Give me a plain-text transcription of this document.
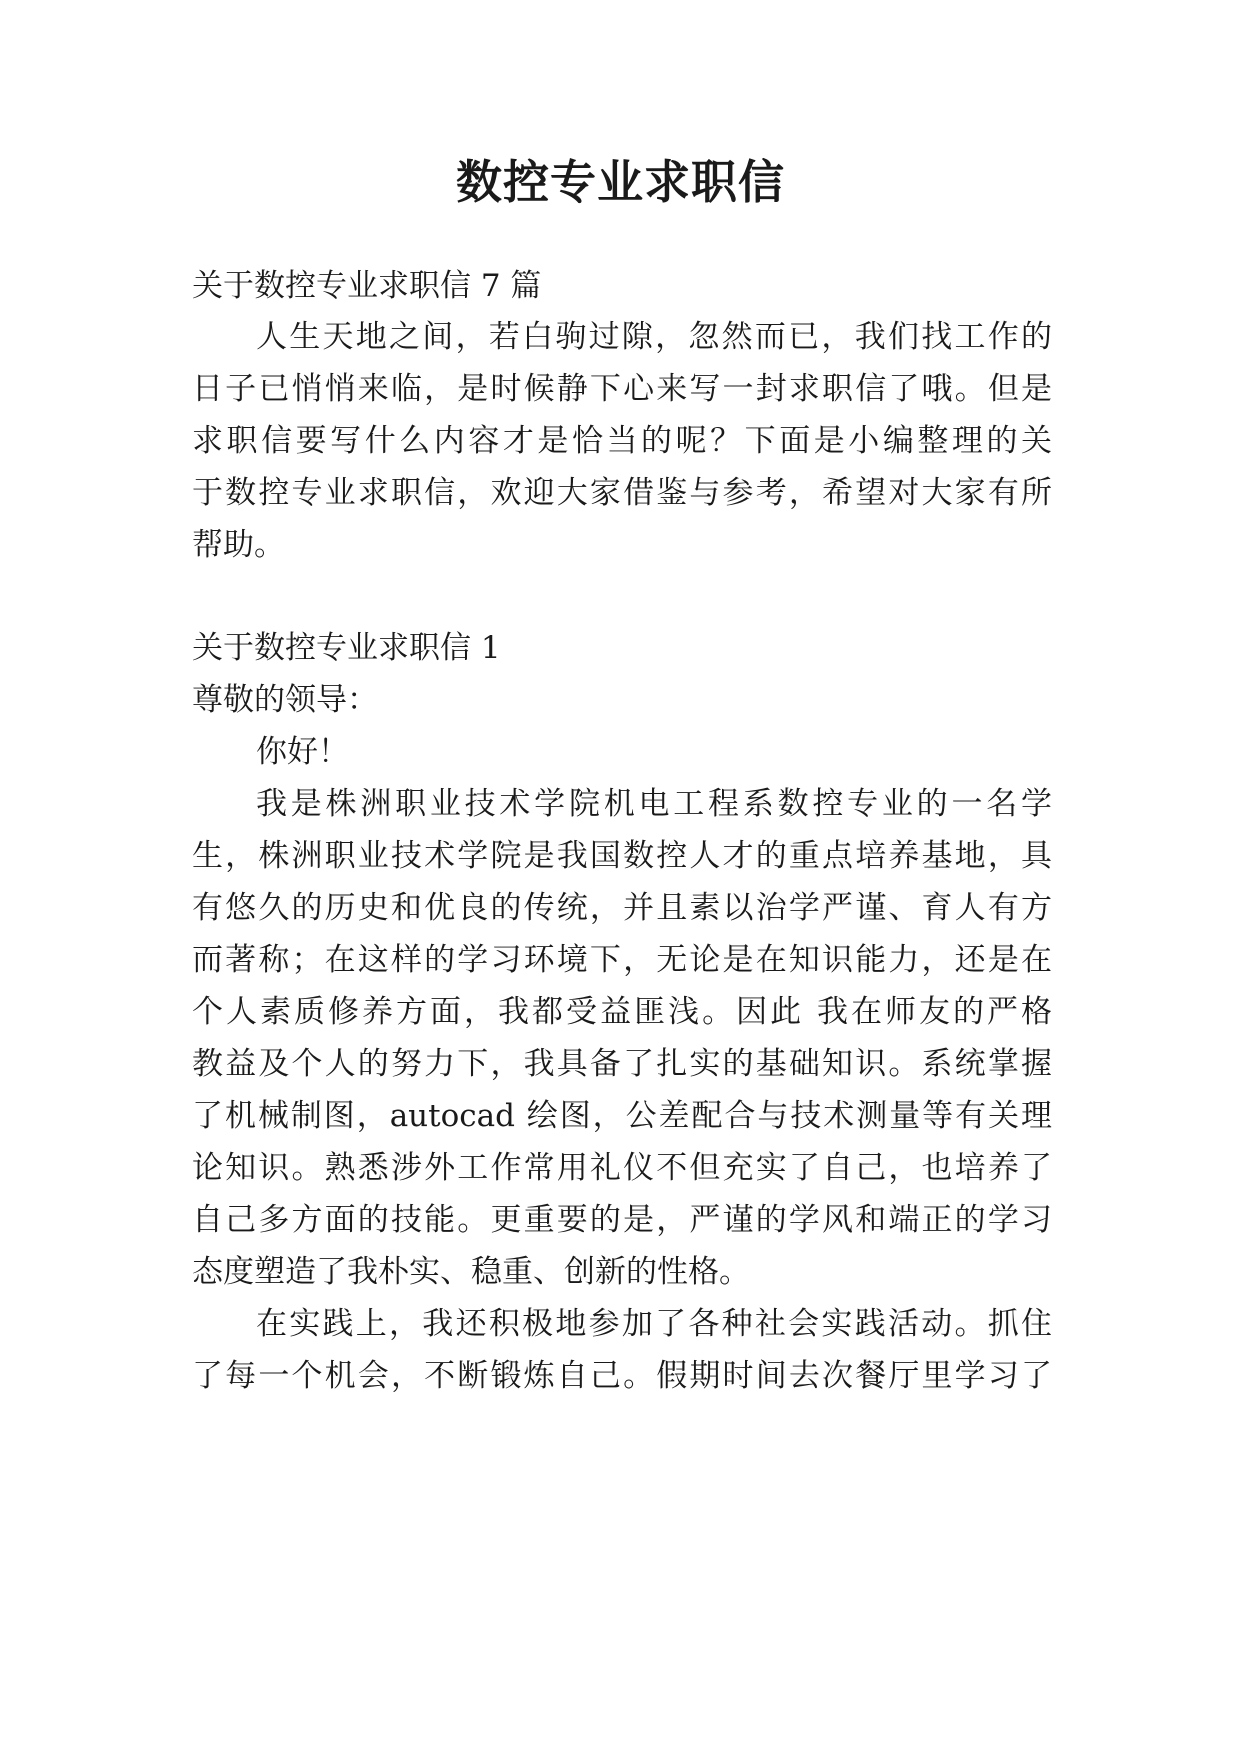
数控专业求职信

关于数控专业求职信 7 篇

人生天地之间，若白驹过隙，忽然而已，我们找工作的

日子已悄悄来临，是时候静下心来写一封求职信了哦。但是

求职信要写什么内容才是恰当的呢？下面是小编整理的关

于数控专业求职信，欢迎大家借鉴与参考，希望对大家有所

帮助。

关于数控专业求职信 1

尊敬的领导：

你好！

我是株洲职业技术学院机电工程系数控专业的一名学

生，株洲职业技术学院是我国数控人才的重点培养基地，具

有悠久的历史和优良的传统，并且素以治学严谨、育人有方

而著称；在这样的学习环境下，无论是在知识能力，还是在

个人素质修养方面，我都受益匪浅。因此 我在师友的严格

教益及个人的努力下，我具备了扎实的基础知识。系统掌握

了机械制图，autocad 绘图，公差配合与技术测量等有关理

论知识。熟悉涉外工作常用礼仪不但充实了自己，也培养了

自己多方面的技能。更重要的是，严谨的学风和端正的学习

态度塑造了我朴实、稳重、创新的性格。

在实践上，我还积极地参加了各种社会实践活动。抓住

了每一个机会，不断锻炼自己。假期时间去次餐厅里学习了
